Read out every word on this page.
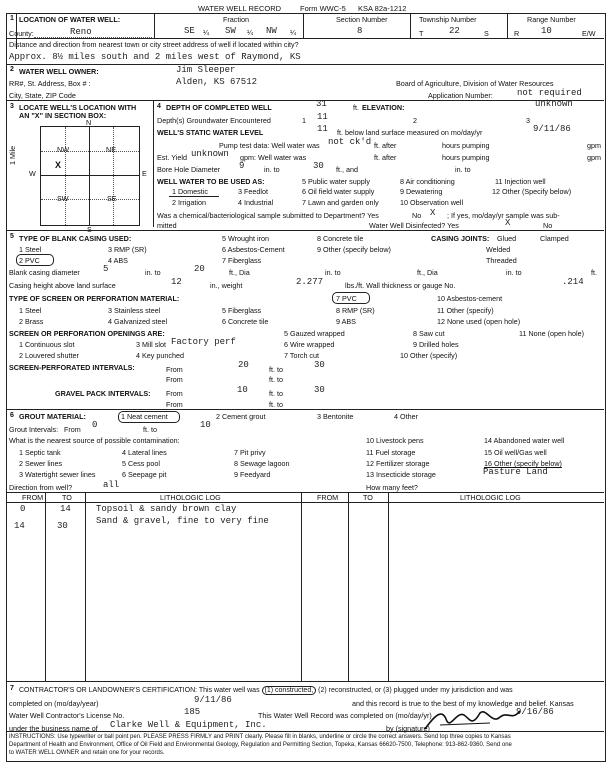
WATER WELL RECORD	Form WWC-5 KSA 82a-1212
1 LOCATION OF WATER WELL:
County:	Reno
Fraction
SE ¼ SW ¼ NW ¼
Section Number
8
Township Number
T	22	S
Range Number
R 10	E/W
Distance and direction from nearest town or city street address of well if located within city?
Approx. 8½ miles south and 2 miles west of Raymond, KS
2 WATER WELL OWNER:	Jim Sleeper
RR#, St. Address, Box # :	Alden, KS 67512	Board of Agriculture, Division of Water Resources
City, State, ZIP Code	Application Number:	not required
3 LOCATE WELL'S LOCATION WITH
AN "X" IN SECTION BOX:
N
S
W	E
1 Mile	NW	NE
SW	SE
X
4 DEPTH OF COMPLETED WELL	31	ft. ELEVATION:	unknown
Depth(s) Groundwater Encountered	1 11	2	3
WELL'S STATIC WATER LEVEL	11 ft. below land surface measured on mo/day/yr	9/11/86
Pump test data: Well water was not ck'd ft. after	hours pumping	gpm
Est. Yield unknown gpm: Well water was	ft. after	hours pumping	gpm
Bore Hole Diameter 9	in. to	30 ft., and	in. to
WELL WATER TO BE USED AS:
1 Domestic	3 Feedlot
5 Public water supply	8 Air conditioning	11 Injection well
2 Irrigation	4 Industrial
6 Oil field water supply	9 Dewatering	12 Other (Specify below)
7 Lawn and garden only	10 Observation well
Was a chemical/bacteriological sample submitted to Department? Yes	No X ; If yes, mo/day/yr sample was sub-
mitted	Water Well Disinfected? Yes	X	No
5 TYPE OF BLANK CASING USED:
1 Steel	3 RMP (SR)
5 Wrought iron	8 Concrete tile
2 PVC	4 ABS
6 Asbestos-Cement	9 Other (specify below)
7 Fiberglass
CASING JOINTS: Glued	Clamped
Welded
Threaded
Blank casing diameter	5	in. to	20	ft., Dia	in. to	ft., Dia	in. to	ft.
Casing height above land surface	12	in., weight	2.277	lbs./ft. Wall thickness or gauge No.	.214
TYPE OF SCREEN OR PERFORATION MATERIAL:
1 Steel	3 Stainless steel	5 Fiberglass
7 PVC	10 Asbestos-cement
2 Brass	4 Galvanized steel	6 Concrete tile
8 RMP (SR)
9 ABS
11 Other (specify)
12 None used (open hole)
SCREEN OR PERFORATION OPENINGS ARE:
1 Continuous slot	3 Mill slot Factory perf
5 Gauzed wrapped	8 Saw cut	11 None (open hole)
2 Louvered shutter	4 Key punched
6 Wire wrapped
7 Torch cut
9 Drilled holes
10 Other (specify)
SCREEN-PERFORATED INTERVALS:	From	20	ft. to	30
From	ft. to
GRAVEL PACK INTERVALS: From	10	ft. to	30
From	ft. to
6 GROUT MATERIAL:	1 Neat cement	2 Cement grout	3 Bentonite	4 Other
Grout Intervals: From 0	ft. to	10
What is the nearest source of possible contamination:
1 Septic tank	4 Lateral lines	7 Pit privy
10 Livestock pens	14 Abandoned water well
2 Sewer lines	5 Cess pool	8 Sewage lagoon
11 Fuel storage	15 Oil well/Gas well
3 Watertight sewer lines	6 Seepage pit	9 Feedyard
12 Fertilizer storage	16 Other (specify below)
13 Insecticide storage	Pasture Land
Direction from well?	all	How many feet?
FROM	TO	LITHOLOGIC LOG	FROM	TO	LITHOLOGIC LOG
0	14	Topsoil & sandy brown clay
14	30	Sand & gravel, fine to very fine
7 CONTRACTOR'S OR LANDOWNER'S CERTIFICATION: This water well was (1) constructed, (2) reconstructed, or (3) plugged under my jurisdiction and was
completed on (mo/day/year)	9/11/86	and this record is true to the best of my knowledge and belief. Kansas
Water Well Contractor's License No.	185	This Water Well Record was completed on (mo/day/yr)	9/16/86
under the business name of Clarke Well & Equipment, Inc.	by (signature)
INSTRUCTIONS: Use typewriter or ball point pen. PLEASE PRESS FIRMLY and PRINT clearly. Please fill in blanks, underline or circle the correct answers. Send top three copies to Kansas
Department of Health and Environment, Office of Oil Field and Environmental Geology, Regulation and Permitting Section, Topeka, Kansas 66620-7500, Telephone: 913-862-9360. Send one
to WATER WELL OWNER and retain one for your records.
